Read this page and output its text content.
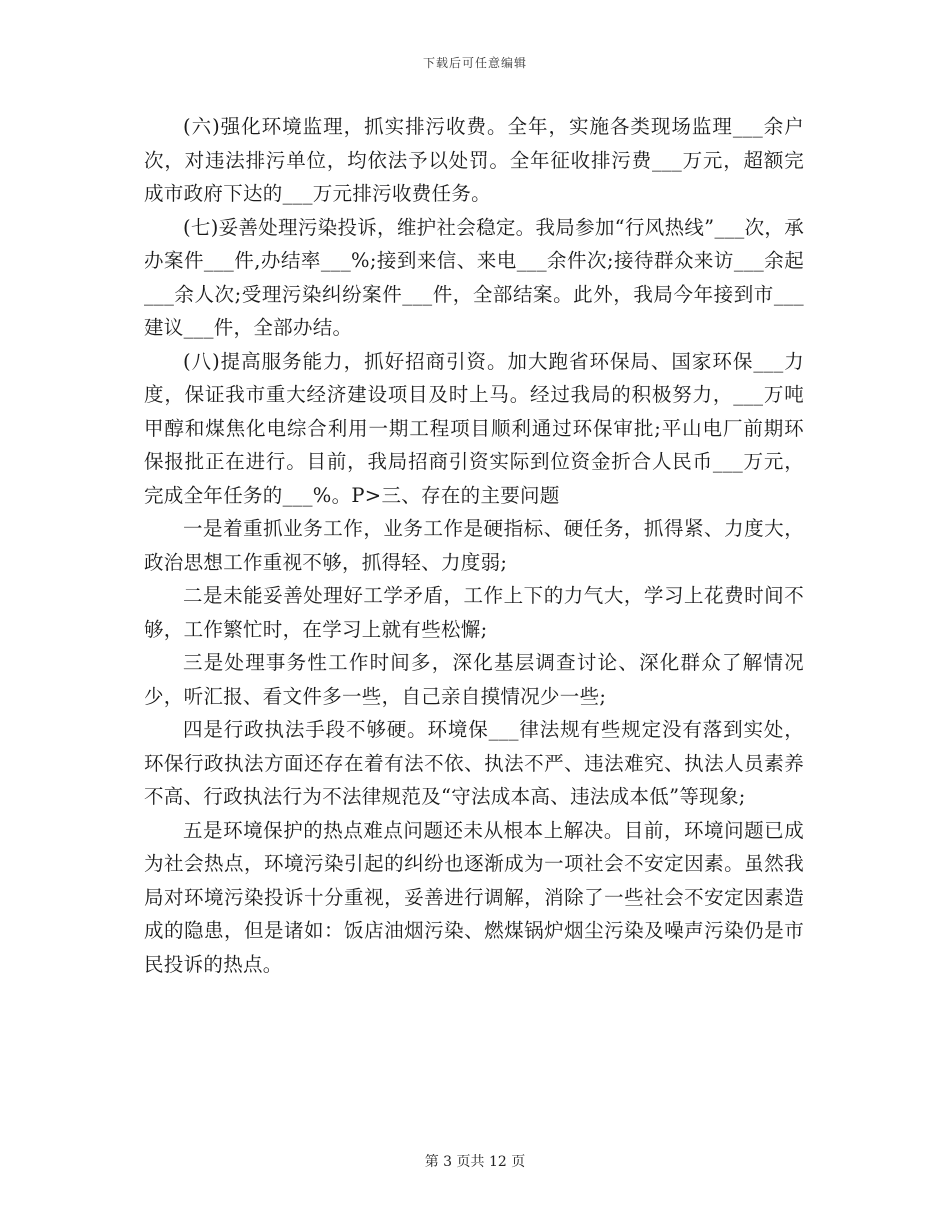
下载后可任意编辑

(六)强化环境监理，抓实排污收费。全年，实施各类现场监理___余户次，对违法排污单位，均依法予以处罚。全年征收排污费___万元，超额完成市政府下达的___万元排污收费任务。

(七)妥善处理污染投诉，维护社会稳定。我局参加“行风热线”___次，承办案件___件,办结率___%;接到来信、来电___余件次;接待群众来访___余起___余人次;受理污染纠纷案件___件，全部结案。此外，我局今年接到市___建议___件，全部办结。

(八)提高服务能力，抓好招商引资。加大跑省环保局、国家环保___力度，保证我市重大经济建设项目及时上马。经过我局的积极努力，___万吨甲醇和煤焦化电综合利用一期工程项目顺利通过环保审批;平山电厂前期环保报批正在进行。目前，我局招商引资实际到位资金折合人民币___万元，完成全年任务的___%。P>三、存在的主要问题

一是着重抓业务工作，业务工作是硬指标、硬任务，抓得紧、力度大，政治思想工作重视不够，抓得轻、力度弱;

二是未能妥善处理好工学矛盾，工作上下的力气大，学习上花费时间不够，工作繁忙时，在学习上就有些松懈;

三是处理事务性工作时间多，深化基层调查讨论、深化群众了解情况少，听汇报、看文件多一些，自己亲自摸情况少一些;

四是行政执法手段不够硬。环境保___律法规有些规定没有落到实处，环保行政执法方面还存在着有法不依、执法不严、违法难究、执法人员素养不高、行政执法行为不法律规范及“守法成本高、违法成本低”等现象;

五是环境保护的热点难点问题还未从根本上解决。目前，环境问题已成为社会热点，环境污染引起的纠纷也逐渐成为一项社会不安定因素。虽然我局对环境污染投诉十分重视，妥善进行调解，消除了一些社会不安定因素造成的隐患，但是诸如：饭店油烟污染、燃煤锅炉烟尘污染及噪声污染仍是市民投诉的热点。

第 3 页共 12 页
